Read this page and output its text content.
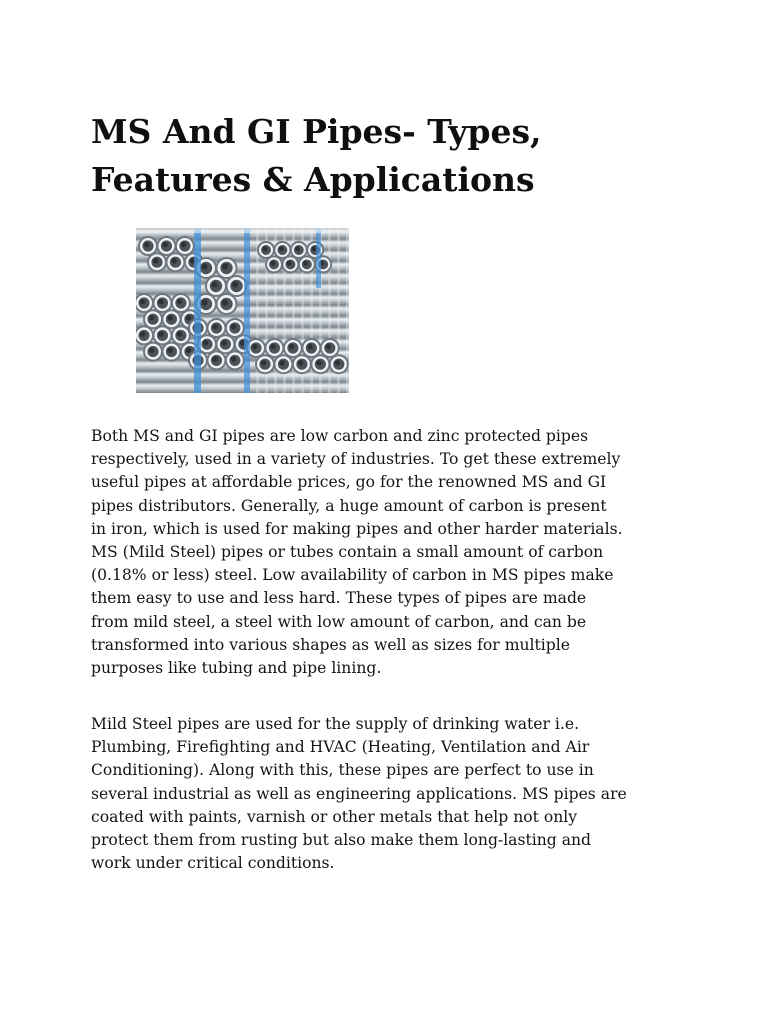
MS And GI Pipes- Types,
Features & Applications

Both MS and GI pipes are low carbon and zinc protected pipes
respectively, used in a variety of industries. To get these extremely
useful pipes at affordable prices, go for the renowned MS and GI
pipes distributors. Generally, a huge amount of carbon is present
in iron, which is used for making pipes and other harder materials.
MS (Mild Steel) pipes or tubes contain a small amount of carbon
(0.18% or less) steel. Low availability of carbon in MS pipes make
them easy to use and less hard. These types of pipes are made
from mild steel, a steel with low amount of carbon, and can be
transformed into various shapes as well as sizes for multiple
purposes like tubing and pipe lining.

Mild Steel pipes are used for the supply of drinking water i.e.
Plumbing, Firefighting and HVAC (Heating, Ventilation and Air
Conditioning). Along with this, these pipes are perfect to use in
several industrial as well as engineering applications. MS pipes are
coated with paints, varnish or other metals that help not only
protect them from rusting but also make them long-lasting and
work under critical conditions.
